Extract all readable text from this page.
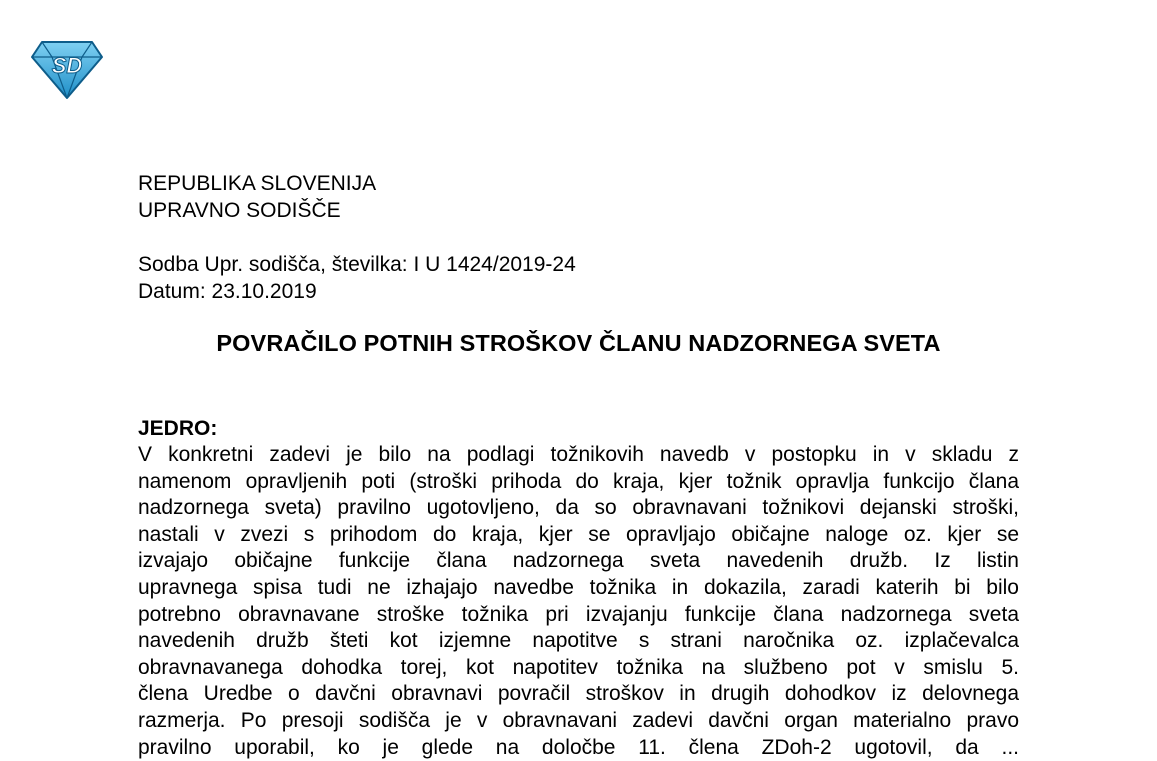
SD
REPUBLIKA SLOVENIJA
UPRAVNO SODIŠČE
Sodba Upr. sodišča, številka: I U 1424/2019-24
Datum: 23.10.2019
POVRAČILO POTNIH STROŠKOV ČLANU NADZORNEGA SVETA
JEDRO:
V konkretni zadevi je bilo na podlagi tožnikovih navedb v postopku in v skladu z
namenom opravljenih poti (stroški prihoda do kraja, kjer tožnik opravlja funkcijo člana
nadzornega sveta) pravilno ugotovljeno, da so obravnavani tožnikovi dejanski stroški,
nastali v zvezi s prihodom do kraja, kjer se opravljajo običajne naloge oz. kjer se
izvajajo običajne funkcije člana nadzornega sveta navedenih družb. Iz listin
upravnega spisa tudi ne izhajajo navedbe tožnika in dokazila, zaradi katerih bi bilo
potrebno obravnavane stroške tožnika pri izvajanju funkcije člana nadzornega sveta
navedenih družb šteti kot izjemne napotitve s strani naročnika oz. izplačevalca
obravnavanega dohodka torej, kot napotitev tožnika na službeno pot v smislu 5.
člena Uredbe o davčni obravnavi povračil stroškov in drugih dohodkov iz delovnega
razmerja. Po presoji sodišča je v obravnavani zadevi davčni organ materialno pravo
pravilno uporabil, ko je glede na določbe 11. člena ZDoh-2 ugotovil, da ...
